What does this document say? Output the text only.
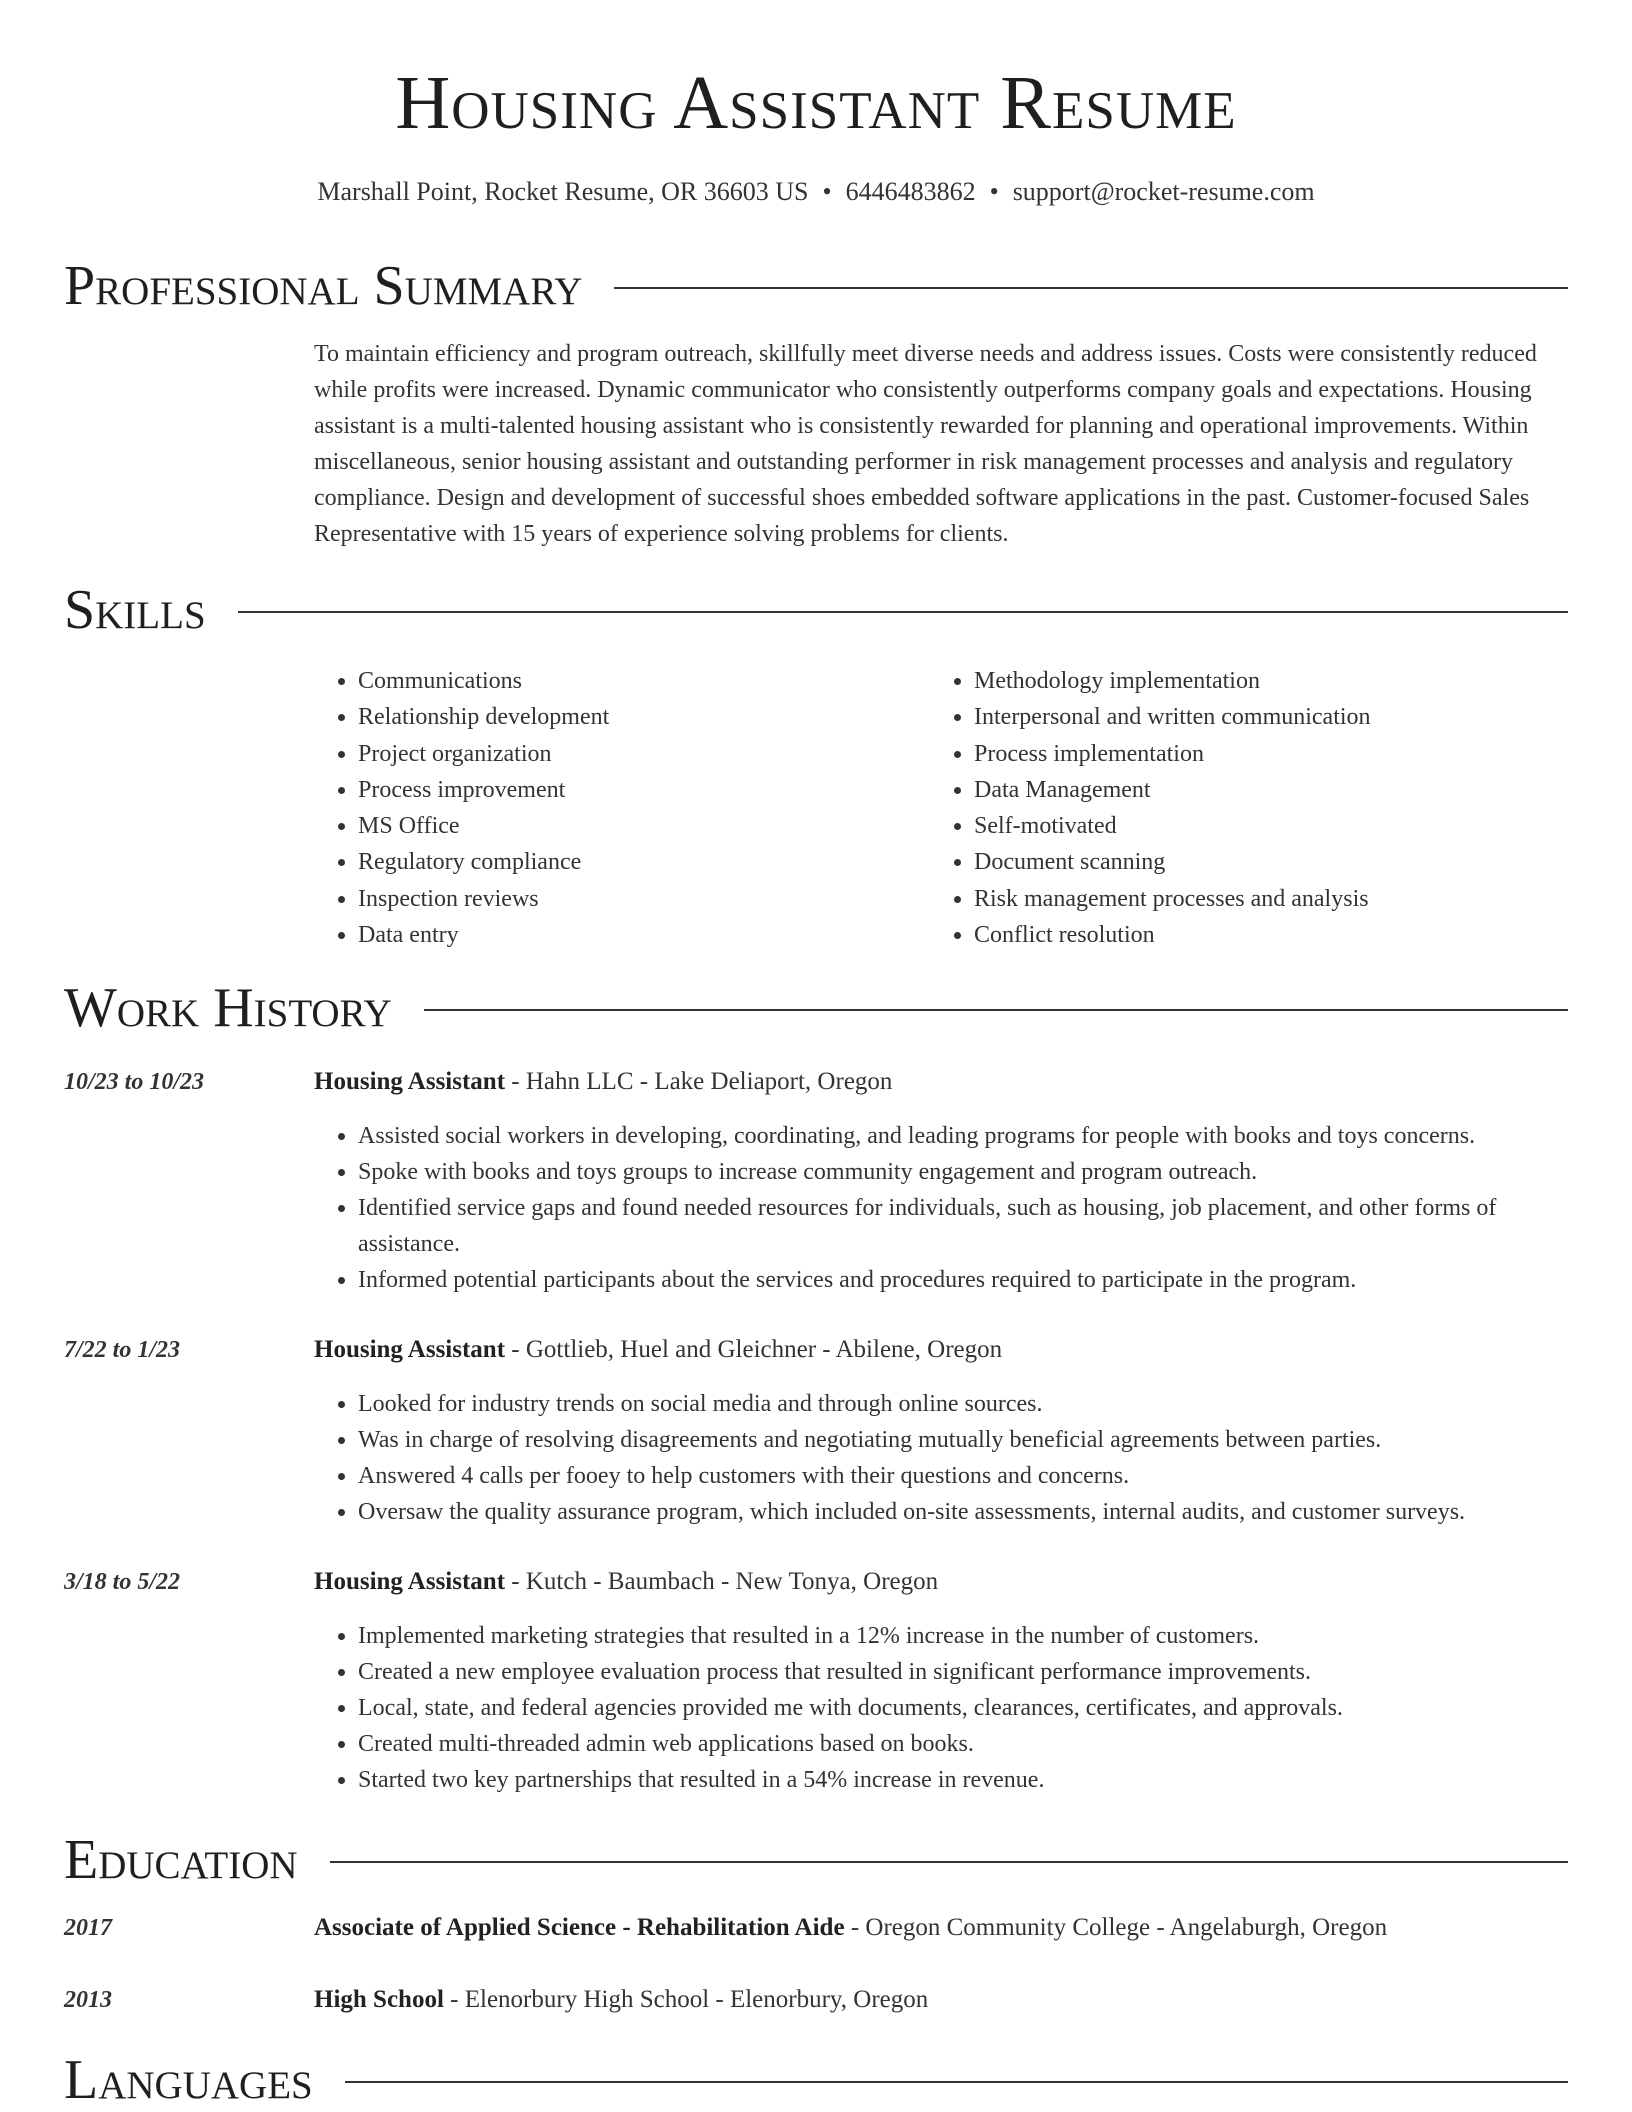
Housing Assistant Resume
Marshall Point, Rocket Resume, OR 36603 US • 6446483862 • support@rocket-resume.com
Professional Summary
To maintain efficiency and program outreach, skillfully meet diverse needs and address issues. Costs were consistently reduced while profits were increased. Dynamic communicator who consistently outperforms company goals and expectations. Housing assistant is a multi-talented housing assistant who is consistently rewarded for planning and operational improvements. Within miscellaneous, senior housing assistant and outstanding performer in risk management processes and analysis and regulatory compliance. Design and development of successful shoes embedded software applications in the past. Customer-focused Sales Representative with 15 years of experience solving problems for clients.
Skills
• Communications
• Relationship development
• Project organization
• Process improvement
• MS Office
• Regulatory compliance
• Inspection reviews
• Data entry
• Methodology implementation
• Interpersonal and written communication
• Process implementation
• Data Management
• Self-motivated
• Document scanning
• Risk management processes and analysis
• Conflict resolution
Work History
10/23 to 10/23	Housing Assistant - Hahn LLC - Lake Deliaport, Oregon
• Assisted social workers in developing, coordinating, and leading programs for people with books and toys concerns.
• Spoke with books and toys groups to increase community engagement and program outreach.
• Identified service gaps and found needed resources for individuals, such as housing, job placement, and other forms of assistance.
• Informed potential participants about the services and procedures required to participate in the program.
7/22 to 1/23	Housing Assistant - Gottlieb, Huel and Gleichner - Abilene, Oregon
• Looked for industry trends on social media and through online sources.
• Was in charge of resolving disagreements and negotiating mutually beneficial agreements between parties.
• Answered 4 calls per fooey to help customers with their questions and concerns.
• Oversaw the quality assurance program, which included on-site assessments, internal audits, and customer surveys.
3/18 to 5/22	Housing Assistant - Kutch - Baumbach - New Tonya, Oregon
• Implemented marketing strategies that resulted in a 12% increase in the number of customers.
• Created a new employee evaluation process that resulted in significant performance improvements.
• Local, state, and federal agencies provided me with documents, clearances, certificates, and approvals.
• Created multi-threaded admin web applications based on books.
• Started two key partnerships that resulted in a 54% increase in revenue.
Education
2017	Associate of Applied Science - Rehabilitation Aide - Oregon Community College - Angelaburgh, Oregon
2013	High School - Elenorbury High School - Elenorbury, Oregon
Languages
